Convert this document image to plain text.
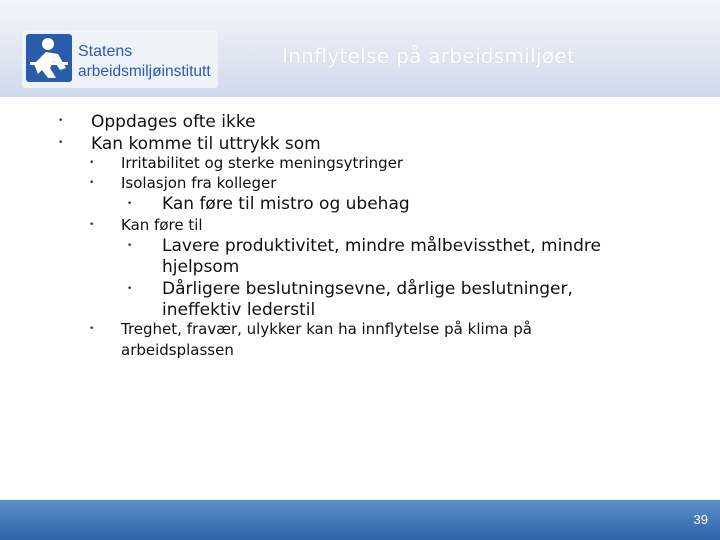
Statens
arbeidsmiljøinstitutt
Innflytelse på arbeidsmiljøet
• Oppdages ofte ikke
• Kan komme til uttrykk som
• Irritabilitet og sterke meningsytringer
• Isolasjon fra kolleger
• Kan føre til mistro og ubehag
• Kan føre til
• Lavere produktivitet, mindre målbevissthet, mindre
hjelpsom
• Dårligere beslutningsevne, dårlige beslutninger,
ineffektiv lederstil
• Treghet, fravær, ulykker kan ha innflytelse på klima på
arbeidsplassen
39
